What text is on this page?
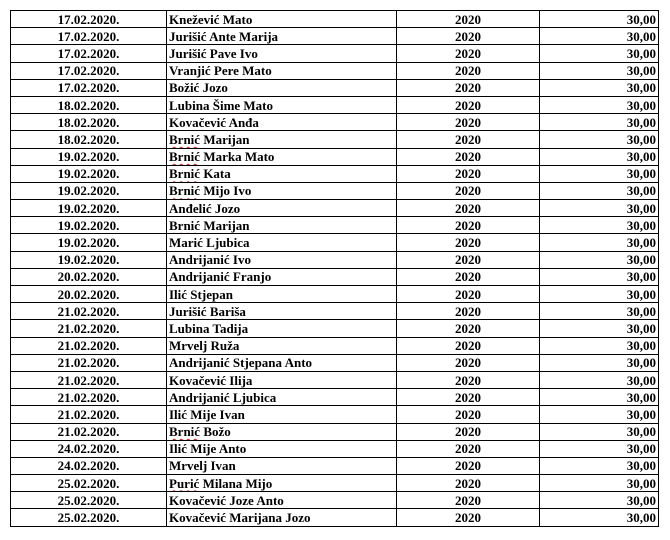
17.02.2020.	Knežević Mato	2020	30,00
17.02.2020.	Jurišić Ante Marija	2020	30,00
17.02.2020.	Jurišić Pave Ivo	2020	30,00
17.02.2020.	Vranjić Pere Mato	2020	30,00
17.02.2020.	Božić Jozo	2020	30,00
18.02.2020.	Lubina Šime Mato	2020	30,00
18.02.2020.	Kovačević Anđa	2020	30,00
18.02.2020.	Brnić Marijan	2020	30,00
19.02.2020.	Brnić Marka Mato	2020	30,00
19.02.2020.	Brnić Kata	2020	30,00
19.02.2020.	Brnić Mijo Ivo	2020	30,00
19.02.2020.	Anđelić Jozo	2020	30,00
19.02.2020.	Brnić Marijan	2020	30,00
19.02.2020.	Marić Ljubica	2020	30,00
19.02.2020.	Andrijanić Ivo	2020	30,00
20.02.2020.	Andrijanić Franjo	2020	30,00
20.02.2020.	Ilić Stjepan	2020	30,00
21.02.2020.	Jurišić Bariša	2020	30,00
21.02.2020.	Lubina Tadija	2020	30,00
21.02.2020.	Mrvelj Ruža	2020	30,00
21.02.2020.	Andrijanić Stjepana Anto	2020	30,00
21.02.2020.	Kovačević Ilija	2020	30,00
21.02.2020.	Andrijanić Ljubica	2020	30,00
21.02.2020.	Ilić Mije Ivan	2020	30,00
21.02.2020.	Brnić Božo	2020	30,00
24.02.2020.	Ilić Mije Anto	2020	30,00
24.02.2020.	Mrvelj Ivan	2020	30,00
25.02.2020.	Purić Milana Mijo	2020	30,00
25.02.2020.	Kovačević Joze Anto	2020	30,00
25.02.2020.	Kovačević Marijana Jozo	2020	30,00
